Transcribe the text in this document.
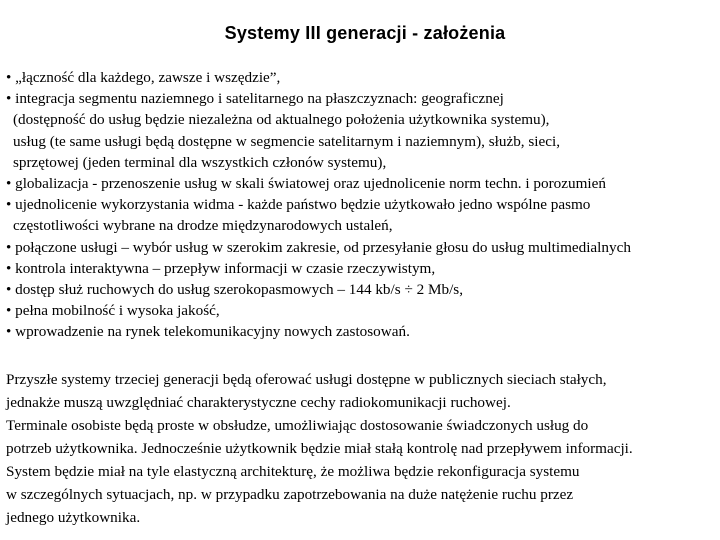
Systemy III generacji - założenia
• „łączność dla każdego, zawsze i wszędzie”,
• integracja segmentu naziemnego i satelitarnego na płaszczyznach: geograficznej
(dostępność do usług będzie niezależna od aktualnego położenia użytkownika systemu),
usług (te same usługi będą dostępne w segmencie satelitarnym i naziemnym), służb, sieci,
sprzętowej (jeden terminal dla wszystkich członów systemu),
• globalizacja - przenoszenie usług w skali światowej oraz ujednolicenie norm techn. i porozumień
• ujednolicenie wykorzystania widma - każde państwo będzie użytkowało jedno wspólne pasmo
częstotliwości wybrane na drodze międzynarodowych ustaleń,
• połączone usługi – wybór usług w szerokim zakresie, od przesyłanie głosu do usług multimedialnych
• kontrola interaktywna – przepływ informacji w czasie rzeczywistym,
• dostęp służ ruchowych do usług szerokopasmowych – 144 kb/s ÷ 2 Mb/s,
• pełna mobilność i wysoka jakość,
• wprowadzenie na rynek telekomunikacyjny nowych zastosowań.
Przyszłe systemy trzeciej generacji będą oferować usługi dostępne w publicznych sieciach stałych,
jednakże muszą uwzględniać charakterystyczne cechy radiokomunikacji ruchowej.
Terminale osobiste będą proste w obsłudze, umożliwiając dostosowanie świadczonych usług do
potrzeb użytkownika. Jednocześnie użytkownik będzie miał stałą kontrolę nad przepływem informacji.
System będzie miał na tyle elastyczną architekturę, że możliwa będzie rekonfiguracja systemu
w szczególnych sytuacjach, np. w przypadku zapotrzebowania na duże natężenie ruchu przez
jednego użytkownika.
